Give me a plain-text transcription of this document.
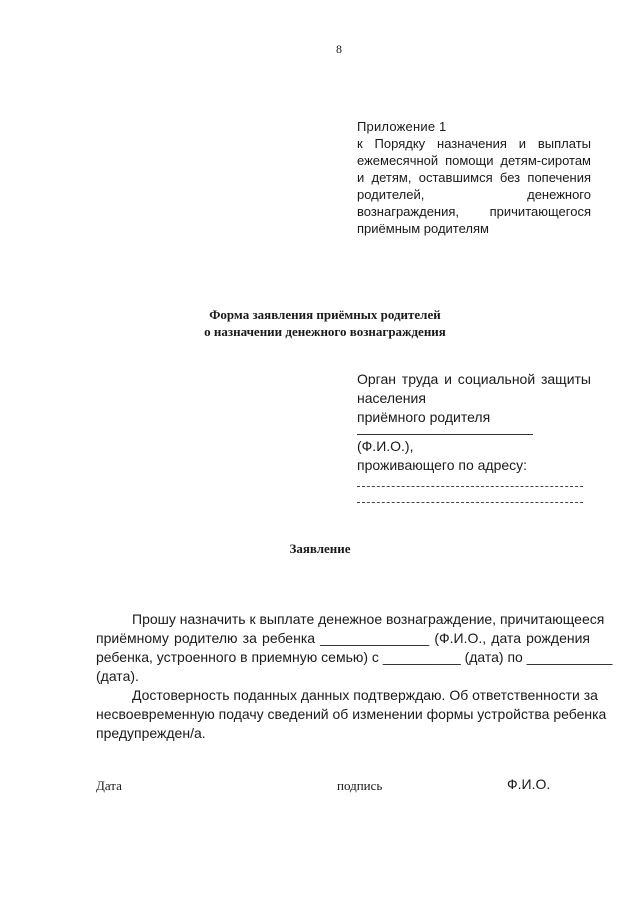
8
Приложение 1
к Порядку назначения и выплаты
ежемесячной помощи детям-сиротам
и детям, оставшимся без попечения
родителей, денежного
вознаграждения, причитающегося
приёмным родителям
Форма заявления приёмных родителей
о назначении денежного вознаграждения
Орган труда и социальной защиты
населения
приёмного родителя
(Ф.И.О.),
проживающего по адресу:
Заявление
Прошу назначить к выплате денежное вознаграждение, причитающееся
приёмному родителю за ребенка ______________ (Ф.И.О., дата рождения
ребенка, устроенного в приемную семью) с __________ (дата) по ___________
(дата).
Достоверность поданных данных подтверждаю. Об ответственности за
несвоевременную подачу сведений об изменении формы устройства ребенка
предупрежден/а.
Дата	подпись	Ф.И.О.
